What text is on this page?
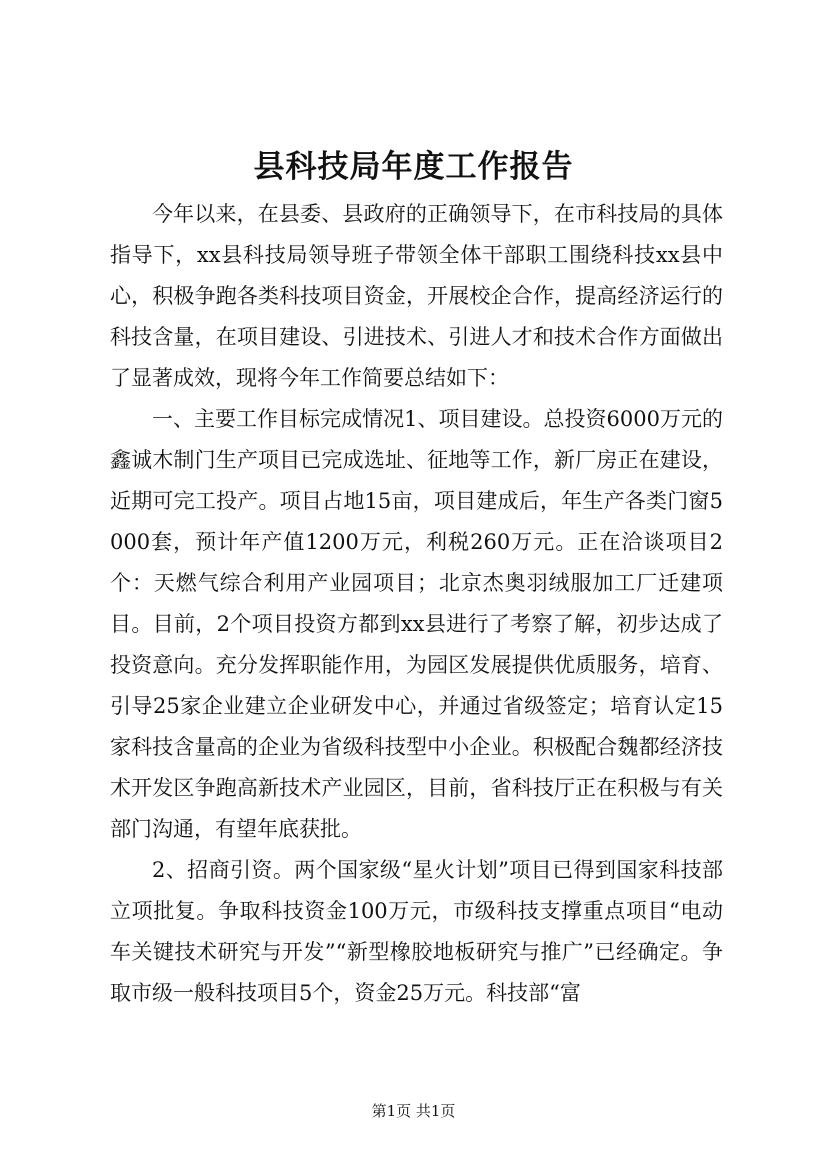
县科技局年度工作报告

今年以来，在县委、县政府的正确领导下，在市科技局的具体指导下，xx县科技局领导班子带领全体干部职工围绕科技xx县中心，积极争跑各类科技项目资金，开展校企合作，提高经济运行的科技含量，在项目建设、引进技术、引进人才和技术合作方面做出了显著成效，现将今年工作简要总结如下：

一、主要工作目标完成情况1、项目建设。总投资6000万元的鑫诚木制门生产项目已完成选址、征地等工作，新厂房正在建设，近期可完工投产。项目占地15亩，项目建成后，年生产各类门窗5000套，预计年产值1200万元，利税260万元。正在洽谈项目2个：天燃气综合利用产业园项目；北京杰奥羽绒服加工厂迁建项目。目前，2个项目投资方都到xx县进行了考察了解，初步达成了投资意向。充分发挥职能作用，为园区发展提供优质服务，培育、引导25家企业建立企业研发中心，并通过省级签定；培育认定15家科技含量高的企业为省级科技型中小企业。积极配合魏都经济技术开发区争跑高新技术产业园区，目前，省科技厅正在积极与有关部门沟通，有望年底获批。

2、招商引资。两个国家级“星火计划”项目已得到国家科技部立项批复。争取科技资金100万元，市级科技支撑重点项目“电动车关键技术研究与开发”“新型橡胶地板研究与推广”已经确定。争取市级一般科技项目5个，资金25万元。科技部“富

第1页 共1页
